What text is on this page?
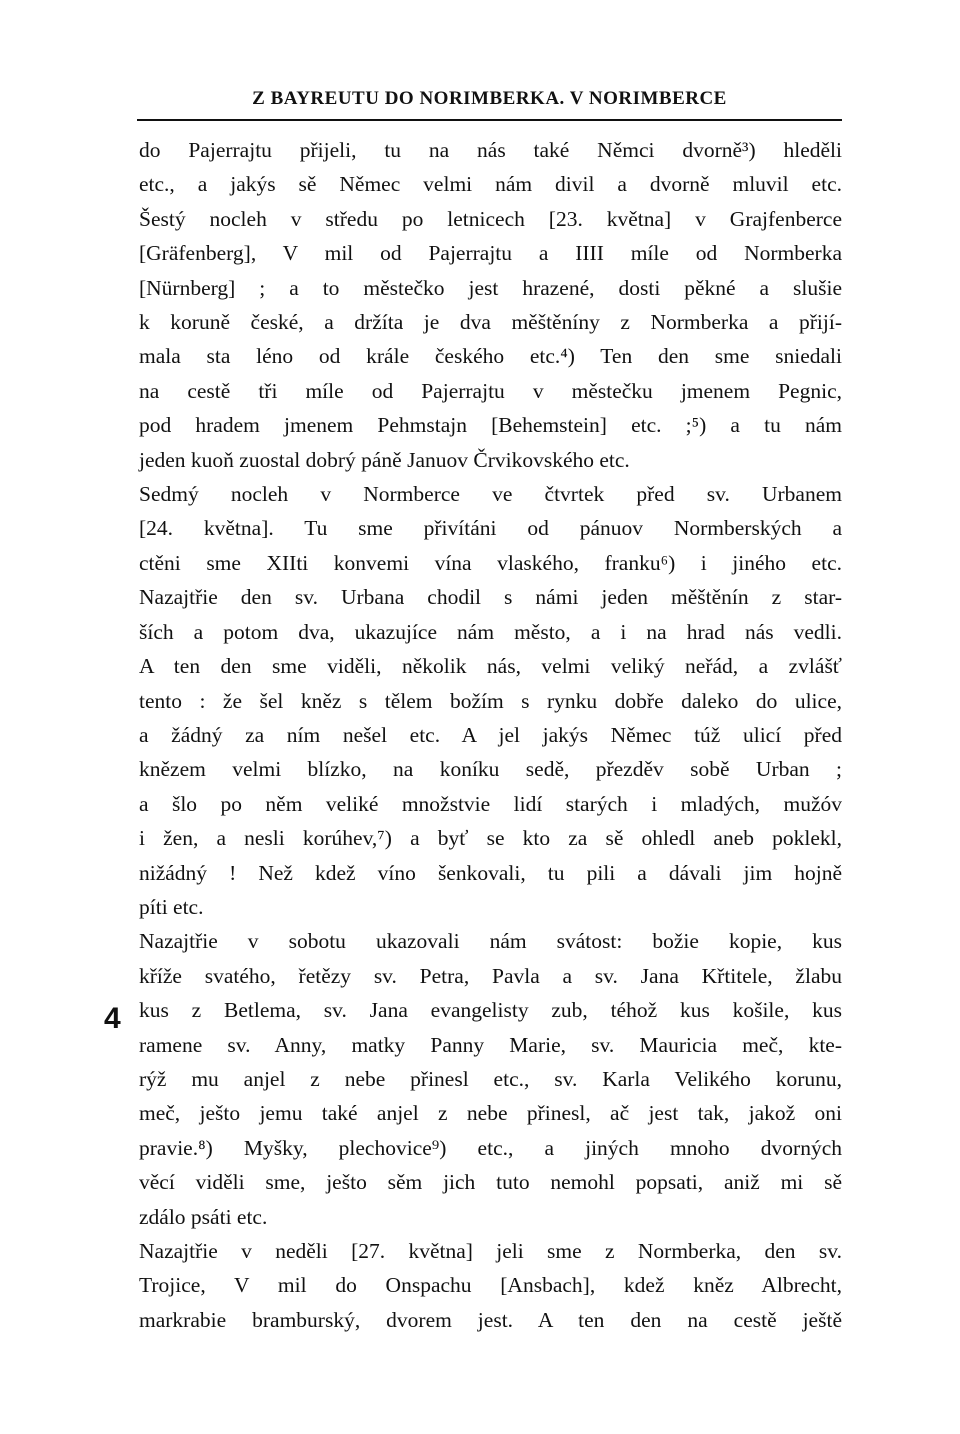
Z BAYREUTU DO NORIMBERKA. V NORIMBERCE
do Pajerrajtu přijeli, tu na nás také Němci dvorně³) hleděli
etc., a jakýs sě Němec velmi nám divil a dvorně mluvil etc.
Šestý nocleh v středu po letnicech [23. května] v Grajfenberce
[Gräfenberg], V mil od Pajerrajtu a IIII míle od Normberka
[Nürnberg] ; a to městečko jest hrazené, dosti pěkné a slušie
k koruně české, a držíta je dva měštěníny z Normberka a přijí-
mala sta léno od krále českého etc.⁴) Ten den sme sniedali
na cestě tři míle od Pajerrajtu v městečku jmenem Pegnic,
pod hradem jmenem Pehmstajn [Behemstein] etc. ;⁵) a tu nám
jeden kuoň zuostal dobrý páně Januov Črvikovského etc.
Sedmý nocleh v Normberce ve čtvrtek před sv. Urbanem
[24. května]. Tu sme přivítáni od pánuov Normberských a
ctěni sme XIIti konvemi vína vlaského, franku⁶) i jiného etc.
Nazajtřie den sv. Urbana chodil s námi jeden měštěnín z star-
ších a potom dva, ukazujíce nám město, a i na hrad nás vedli.
A ten den sme viděli, několik nás, velmi veliký neřád, a zvlášť
tento : že šel kněz s tělem božím s rynku dobře daleko do ulice,
a žádný za ním nešel etc. A jel jakýs Němec túž ulicí před
knězem velmi blízko, na koníku sedě, přezděv sobě Urban ;
a šlo po něm veliké množstvie lidí starých i mladých, mužóv
i žen, a nesli korúhev,⁷) a byť se kto za sě ohledl aneb poklekl,
nižádný ! Než kdež víno šenkovali, tu pili a dávali jim hojně
píti etc.
Nazajtřie v sobotu ukazovali nám svátost: božie kopie, kus
kříže svatého, řetězy sv. Petra, Pavla a sv. Jana Křtitele, žlabu
kus z Betlema, sv. Jana evangelisty zub, téhož kus košile, kus
ramene sv. Anny, matky Panny Marie, sv. Mauricia meč, kte-
rýž mu anjel z nebe přinesl etc., sv. Karla Velikého korunu,
meč, ješto jemu také anjel z nebe přinesl, ač jest tak, jakož oni
pravie.⁸) Myšky, plechovice⁹) etc., a jiných mnoho dvorných
věcí viděli sme, ješto sěm jich tuto nemohl popsati, aniž mi sě
zdálo psáti etc.
Nazajtřie v neděli [27. května] jeli sme z Normberka, den sv.
Trojice, V mil do Onspachu [Ansbach], kdež kněz Albrecht,
markrabie bramburský, dvorem jest. A ten den na cestě ještě
4
